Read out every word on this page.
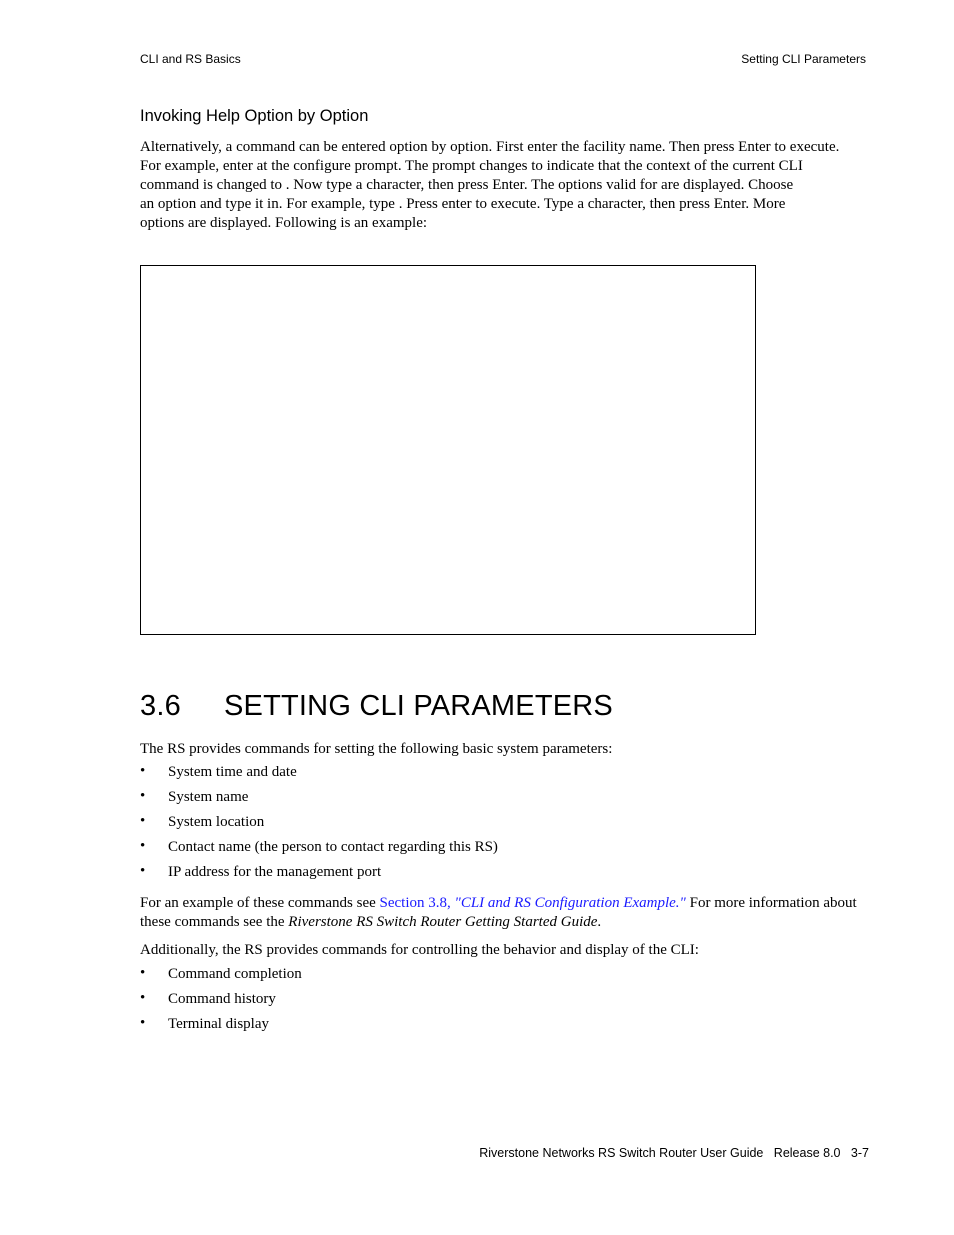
CLI and RS Basics	Setting CLI Parameters
Invoking Help Option by Option

Alternatively, a command can be entered option by option. First enter the facility name. Then press Enter to execute.
For example, enter at the configure prompt. The prompt changes to indicate that the context of the current CLI
command is changed to . Now type a character, then press Enter. The options valid for are displayed. Choose
an option and type it in. For example, type . Press enter to execute. Type a character, then press Enter. More
options are displayed. Following is an example:

3.6 SETTING CLI PARAMETERS

The RS provides commands for setting the following basic system parameters:

• System time and date
• System name
• System location
• Contact name (the person to contact regarding this RS)
• IP address for the management port

For an example of these commands see Section 3.8, "CLI and RS Configuration Example." For more information about these commands see the Riverstone RS Switch Router Getting Started Guide.

Additionally, the RS provides commands for controlling the behavior and display of the CLI:

• Command completion
• Command history
• Terminal display
Riverstone Networks RS Switch Router User Guide   Release 8.0   3-7
